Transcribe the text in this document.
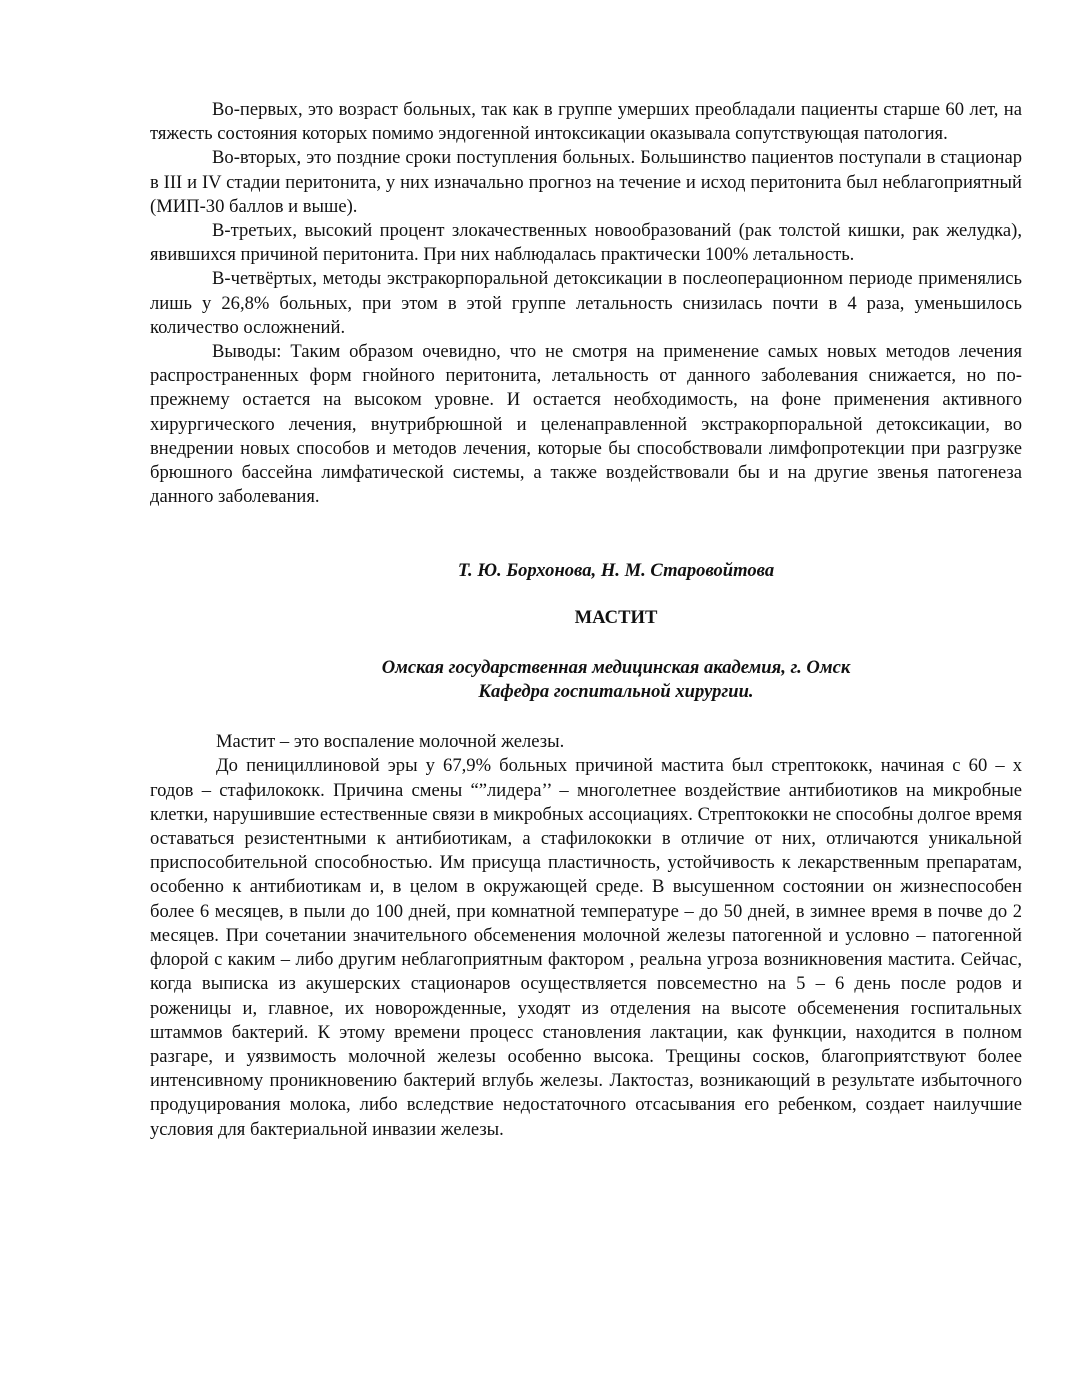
Во-первых, это возраст больных, так как в группе умерших преобладали пациенты старше 60 лет, на тяжесть состояния которых помимо эндогенной интоксикации оказывала сопутствующая патология.

Во-вторых, это поздние сроки поступления больных. Большинство пациентов поступали в стационар в III и IV стадии перитонита, у них изначально прогноз на течение и исход перитонита был неблагоприятный (МИП-30 баллов и выше).

В-третьих, высокий процент злокачественных новообразований (рак толстой кишки, рак желудка), явившихся причиной перитонита. При них наблюдалась практически 100% летальность.

В-четвёртых, методы экстракорпоральной детоксикации в послеоперационном периоде применялись лишь у 26,8% больных, при этом в этой группе летальность снизилась почти в 4 раза, уменьшилось количество осложнений.

Выводы: Таким образом очевидно, что не смотря на применение самых новых методов лечения распространенных форм гнойного перитонита, летальность от данного заболевания снижается, но по-прежнему остается на высоком уровне. И остается необходимость, на фоне применения активного хирургического лечения, внутрибрюшной и целенаправленной экстракорпоральной детоксикации, во внедрении новых способов и методов лечения, которые бы способствовали лимфопротекции при разгрузке брюшного бассейна лимфатической системы, а также воздействовали бы и на другие звенья патогенеза данного заболевания.

Т. Ю. Борхонова, Н. М. Старовойтова

МАСТИТ

Омская государственная медицинская академия, г. Омск

Кафедра госпитальной хирургии.

Мастит – это воспаление молочной железы.

До пенициллиновой эры у 67,9% больных причиной мастита был стрептококк, начиная с 60 – х годов – стафилококк. Причина смены “”лидера’’ – многолетнее воздействие антибиотиков на микробные клетки, нарушившие естественные связи в микробных ассоциациях. Стрептококки не способны долгое время оставаться резистентными к антибиотикам, а стафилококки в отличие от них, отличаются уникальной приспособительной способностью. Им присуща пластичность, устойчивость к лекарственным препаратам, особенно к антибиотикам и, в целом в окружающей среде. В высушенном состоянии он жизнеспособен более 6 месяцев, в пыли до 100 дней, при комнатной температуре – до 50 дней, в зимнее время в почве до 2 месяцев. При сочетании значительного обсеменения молочной железы патогенной и условно – патогенной флорой с каким – либо другим неблагоприятным фактором , реальна угроза возникновения мастита. Сейчас, когда выписка из акушерских стационаров осуществляется повсеместно на 5 – 6 день после родов и роженицы и, главное, их новорожденные, уходят из отделения на высоте обсеменения госпитальных штаммов бактерий. К этому времени процесс становления лактации, как функции, находится в полном разгаре, и уязвимость молочной железы особенно высока. Трещины сосков, благоприятствуют более интенсивному проникновению бактерий вглубь железы. Лактостаз, возникающий в результате избыточного продуцирования молока, либо вследствие недостаточного отсасывания его ребенком, создает наилучшие условия для бактериальной инвазии железы.
